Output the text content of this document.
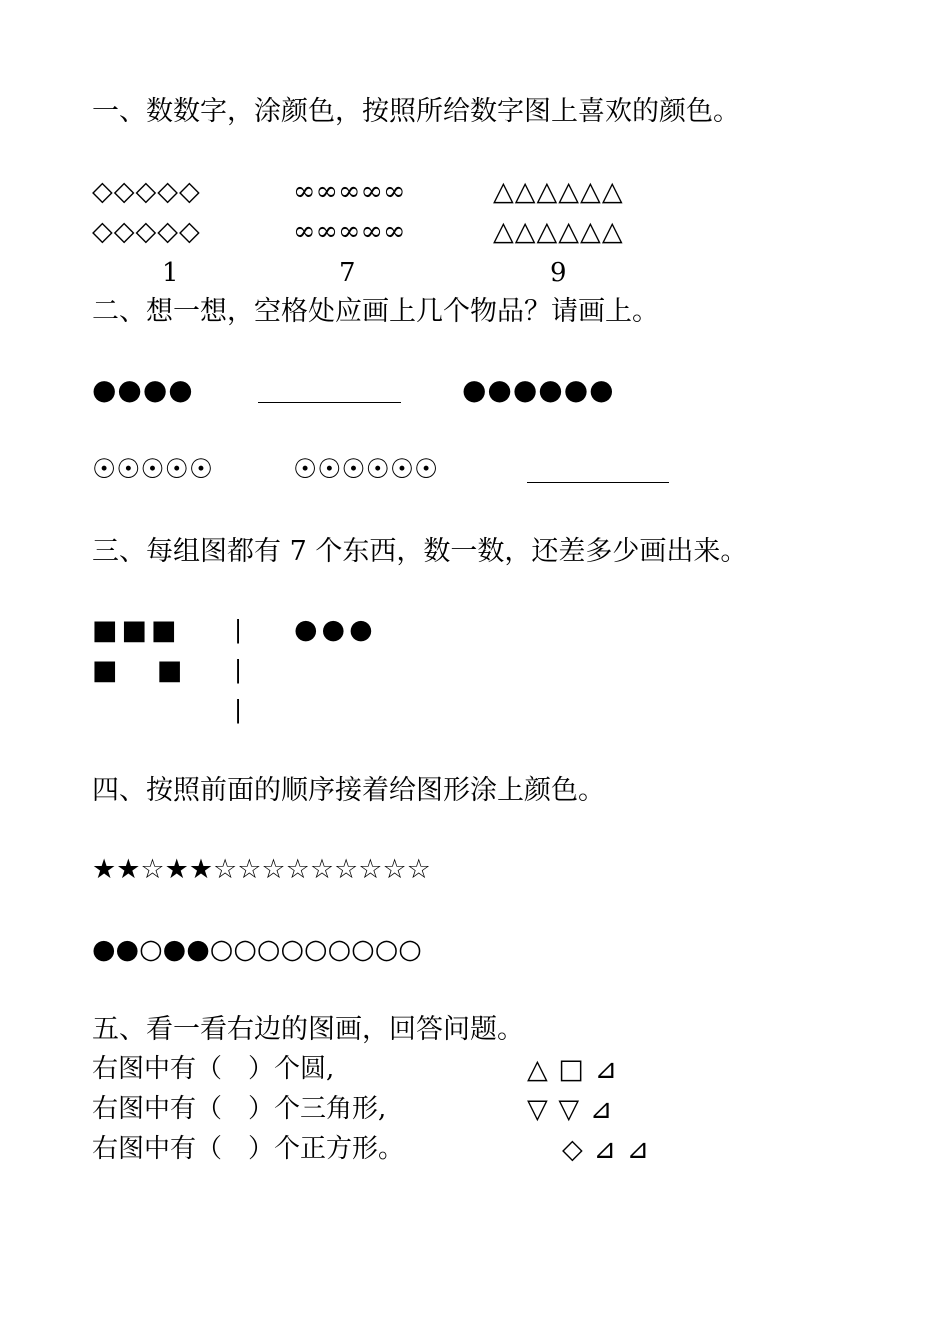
一、数数字，涂颜色，按照所给数字图上喜欢的颜色。
◇◇◇◇◇
◇◇◇◇◇
1
∞∞∞∞∞
∞∞∞∞∞
7
△△△△△△
△△△△△△
9
二、想一想，空格处应画上几个物品？请画上。
●●●●	●●●●●●
☉☉☉☉☉	☉☉☉☉☉☉
三、每组图都有 7 个东西，数一数，还差多少画出来。
■■■
■    ■
|
|
|
●●●
四、按照前面的顺序接着给图形涂上颜色。
★★☆★★☆☆☆☆☆☆☆☆☆
●●○●●○○○○○○○○○
五、看一看右边的图画，回答问题。
右图中有（　）个圆,
右图中有（　）个三角形,
右图中有（　）个正方形。
△ □ ⊿
▽ ▽ ⊿
◇ ⊿ ⊿
